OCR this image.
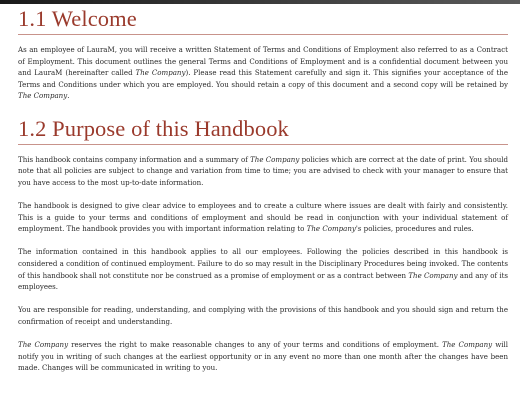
1.1 Welcome

As an employee of LauraM, you will receive a written Statement of Terms and Conditions of Employment also referred to as a Contract of Employment. This document outlines the general Terms and Conditions of Employment and is a confidential document between you and LauraM (hereinafter called The Company). Please read this Statement carefully and sign it. This signifies your acceptance of the Terms and Conditions under which you are employed. You should retain a copy of this document and a second copy will be retained by The Company.

1.2 Purpose of this Handbook

This handbook contains company information and a summary of The Company policies which are correct at the date of print. You should note that all policies are subject to change and variation from time to time; you are advised to check with your manager to ensure that you have access to the most up-to-date information.

The handbook is designed to give clear advice to employees and to create a culture where issues are dealt with fairly and consistently. This is a guide to your terms and conditions of employment and should be read in conjunction with your individual statement of employment. The handbook provides you with important information relating to The Company's policies, procedures and rules.

The information contained in this handbook applies to all our employees. Following the policies described in this handbook is considered a condition of continued employment. Failure to do so may result in the Disciplinary Procedures being invoked. The contents of this handbook shall not constitute nor be construed as a promise of employment or as a contract between The Company and any of its employees.

You are responsible for reading, understanding, and complying with the provisions of this handbook and you should sign and return the confirmation of receipt and understanding.

The Company reserves the right to make reasonable changes to any of your terms and conditions of employment. The Company will notify you in writing of such changes at the earliest opportunity or in any event no more than one month after the changes have been made. Changes will be communicated in writing to you.
